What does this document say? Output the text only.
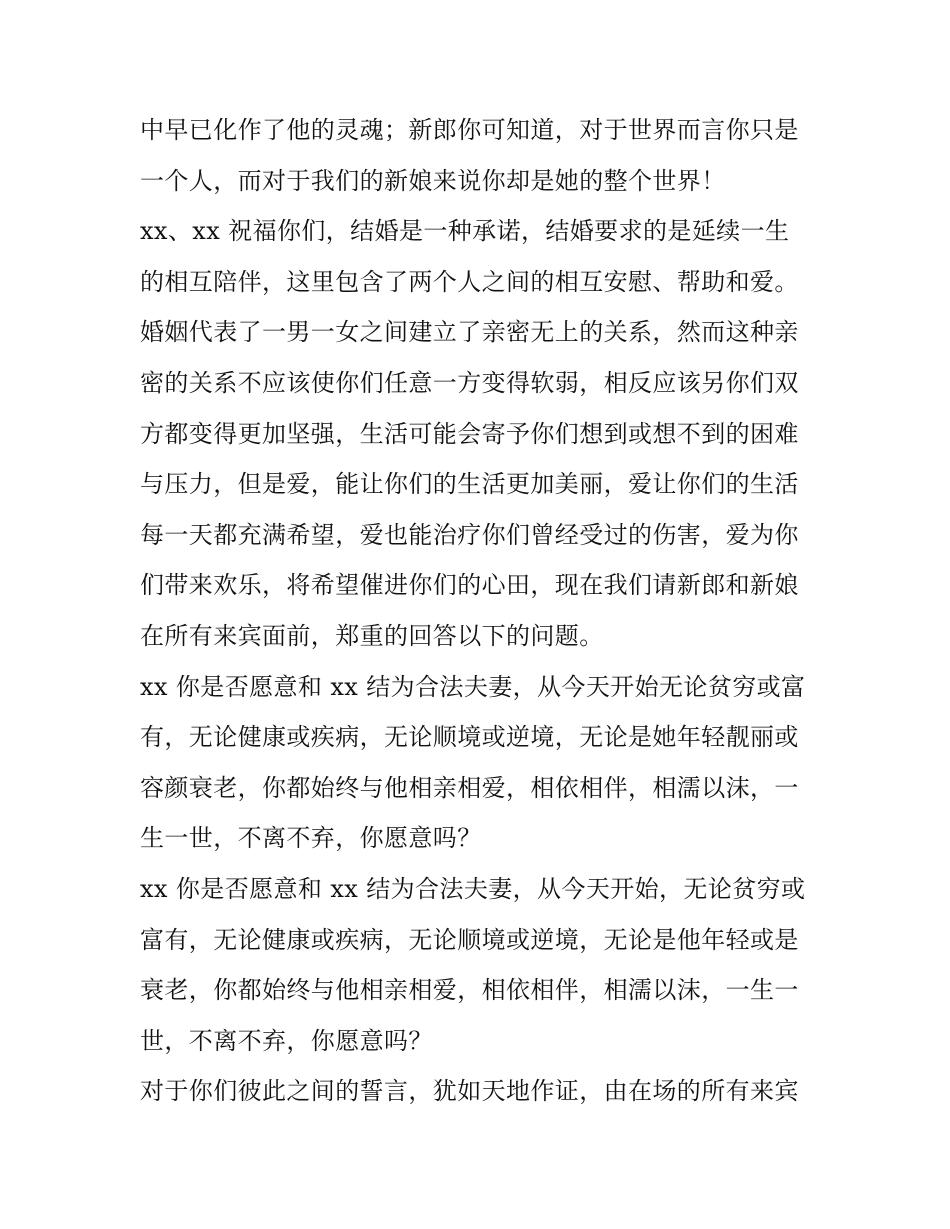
中早已化作了他的灵魂；新郎你可知道，对于世界而言你只是
一个人，而对于我们的新娘来说你却是她的整个世界！
xx、xx 祝福你们，结婚是一种承诺，结婚要求的是延续一生
的相互陪伴，这里包含了两个人之间的相互安慰、帮助和爱。
婚姻代表了一男一女之间建立了亲密无上的关系，然而这种亲
密的关系不应该使你们任意一方变得软弱，相反应该另你们双
方都变得更加坚强，生活可能会寄予你们想到或想不到的困难
与压力，但是爱，能让你们的生活更加美丽，爱让你们的生活
每一天都充满希望，爱也能治疗你们曾经受过的伤害，爱为你
们带来欢乐，将希望催进你们的心田，现在我们请新郎和新娘
在所有来宾面前，郑重的回答以下的问题。
xx 你是否愿意和 xx 结为合法夫妻，从今天开始无论贫穷或富
有，无论健康或疾病，无论顺境或逆境，无论是她年轻靓丽或
容颜衰老，你都始终与他相亲相爱，相依相伴，相濡以沫，一
生一世，不离不弃，你愿意吗？
xx 你是否愿意和 xx 结为合法夫妻，从今天开始，无论贫穷或
富有，无论健康或疾病，无论顺境或逆境，无论是他年轻或是
衰老，你都始终与他相亲相爱，相依相伴，相濡以沫，一生一
世，不离不弃，你愿意吗？
对于你们彼此之间的誓言，犹如天地作证，由在场的所有来宾
